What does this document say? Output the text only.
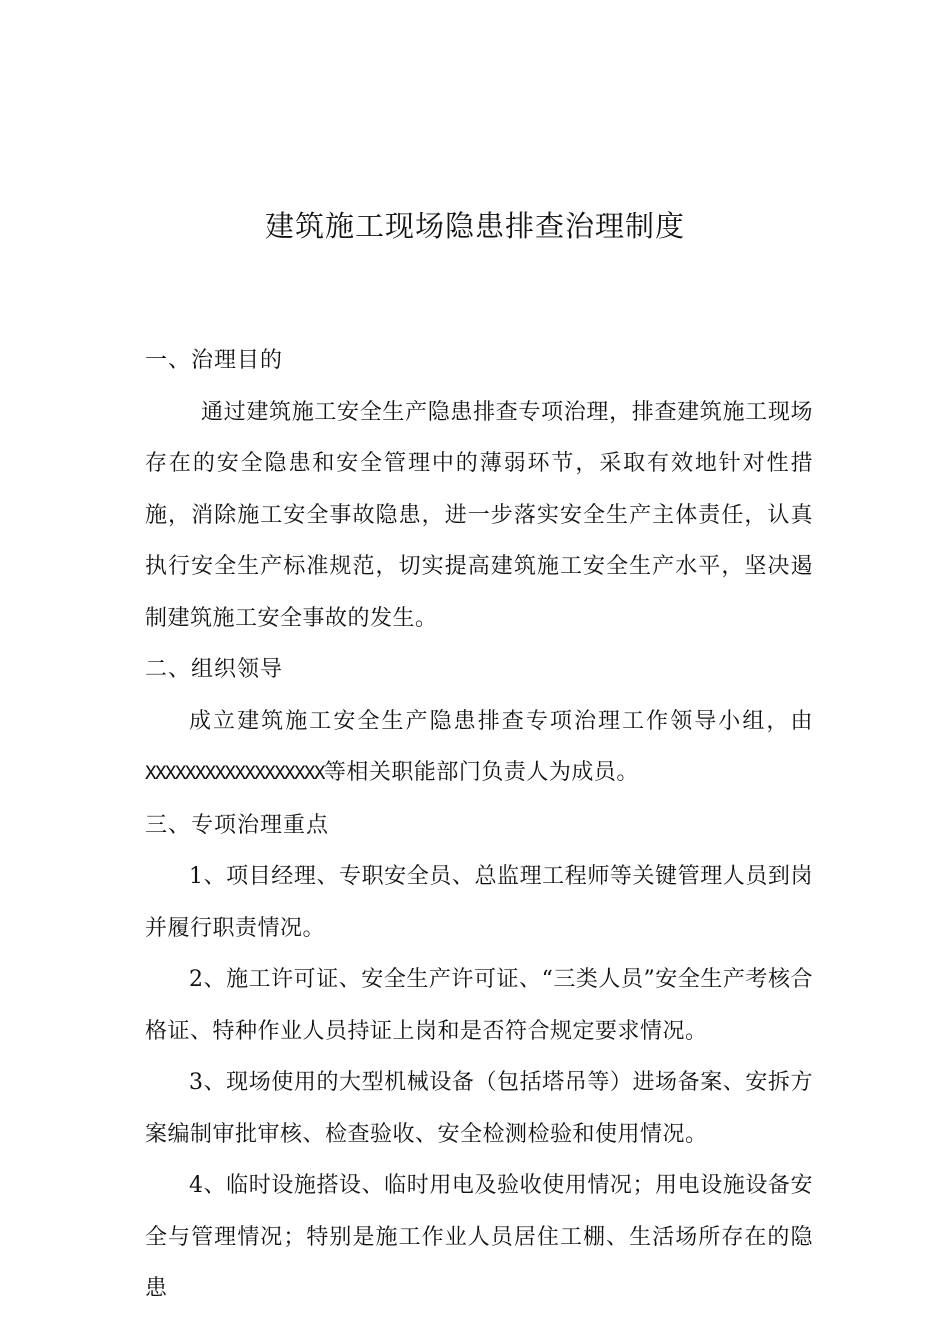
建筑施工现场隐患排查治理制度

一、治理目的

通过建筑施工安全生产隐患排查专项治理，排查建筑施工现场存在的安全隐患和安全管理中的薄弱环节，采取有效地针对性措施，消除施工安全事故隐患，进一步落实安全生产主体责任，认真执行安全生产标准规范，切实提高建筑施工安全生产水平，坚决遏制建筑施工安全事故的发生。

二、组织领导

成立建筑施工安全生产隐患排查专项治理工作领导小组，由XXXXXXXXXXXXXXXXXX等相关职能部门负责人为成员。

三、专项治理重点

1、项目经理、专职安全员、总监理工程师等关键管理人员到岗并履行职责情况。

2、施工许可证、安全生产许可证、“三类人员”安全生产考核合格证、特种作业人员持证上岗和是否符合规定要求情况。

3、现场使用的大型机械设备（包括塔吊等）进场备案、安拆方案编制审批审核、检查验收、安全检测检验和使用情况。

4、临时设施搭设、临时用电及验收使用情况；用电设施设备安全与管理情况；特别是施工作业人员居住工棚、生活场所存在的隐患
